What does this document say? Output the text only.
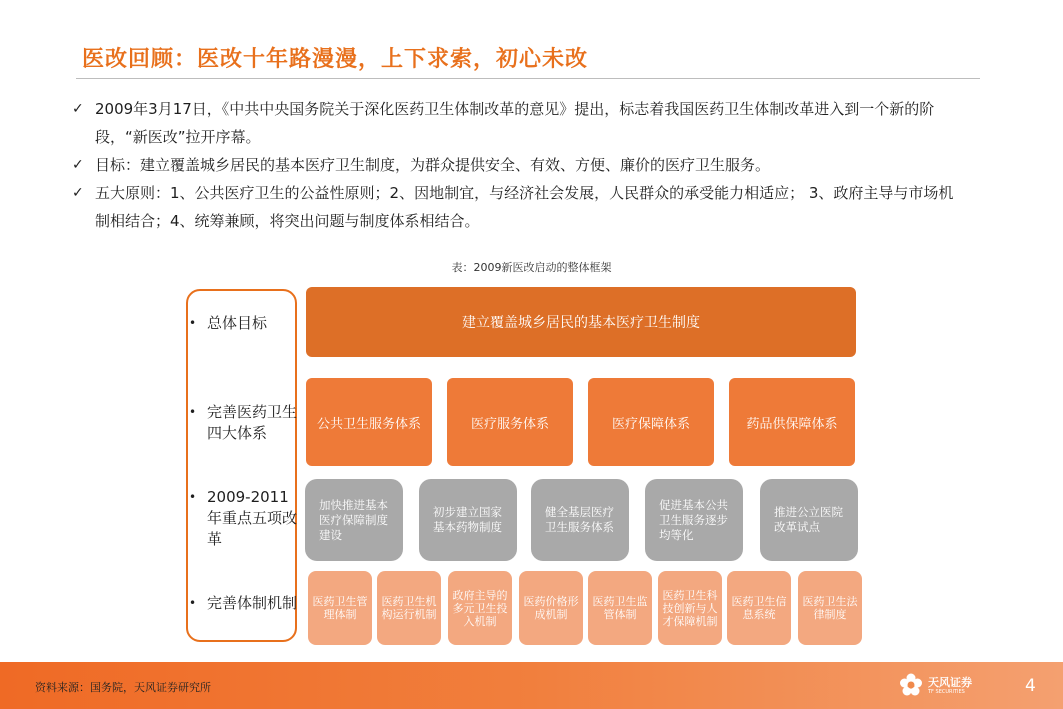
医改回顾：医改十年路漫漫，上下求索，初心未改
✓ 2009年3月17日，《中共中央国务院关于深化医药卫生体制改革的意见》提出，标志着我国医药卫生体制改革进入到一个新的阶段，“新医改”拉开序幕。
✓ 目标：建立覆盖城乡居民的基本医疗卫生制度，为群众提供安全、有效、方便、廉价的医疗卫生服务。
✓ 五大原则：1、公共医疗卫生的公益性原则；2、因地制宜，与经济社会发展，人民群众的承受能力相适应； 3、政府主导与市场机制相结合；4、统筹兼顾，将突出问题与制度体系相结合。
表：2009新医改启动的整体框架
• 总体目标
• 完善医药卫生四大体系
• 2009-2011年重点五项改革
• 完善体制机制
建立覆盖城乡居民的基本医疗卫生制度
公共卫生服务体系	医疗服务体系	医疗保障体系	药品供保障体系
加快推进基本医疗保障制度建设
初步建立国家基本药物制度
健全基层医疗卫生服务体系
促进基本公共卫生服务逐步均等化
推进公立医院改革试点
医药卫生管理体制
医药卫生机构运行机制
政府主导的多元卫生投入机制
医药价格形成机制
医药卫生监管体制
医药卫生科技创新与人才保障机制
医药卫生信息系统
医药卫生法律制度
资料来源：国务院，天风证券研究所	天风证券
TF SECURITIES	4
